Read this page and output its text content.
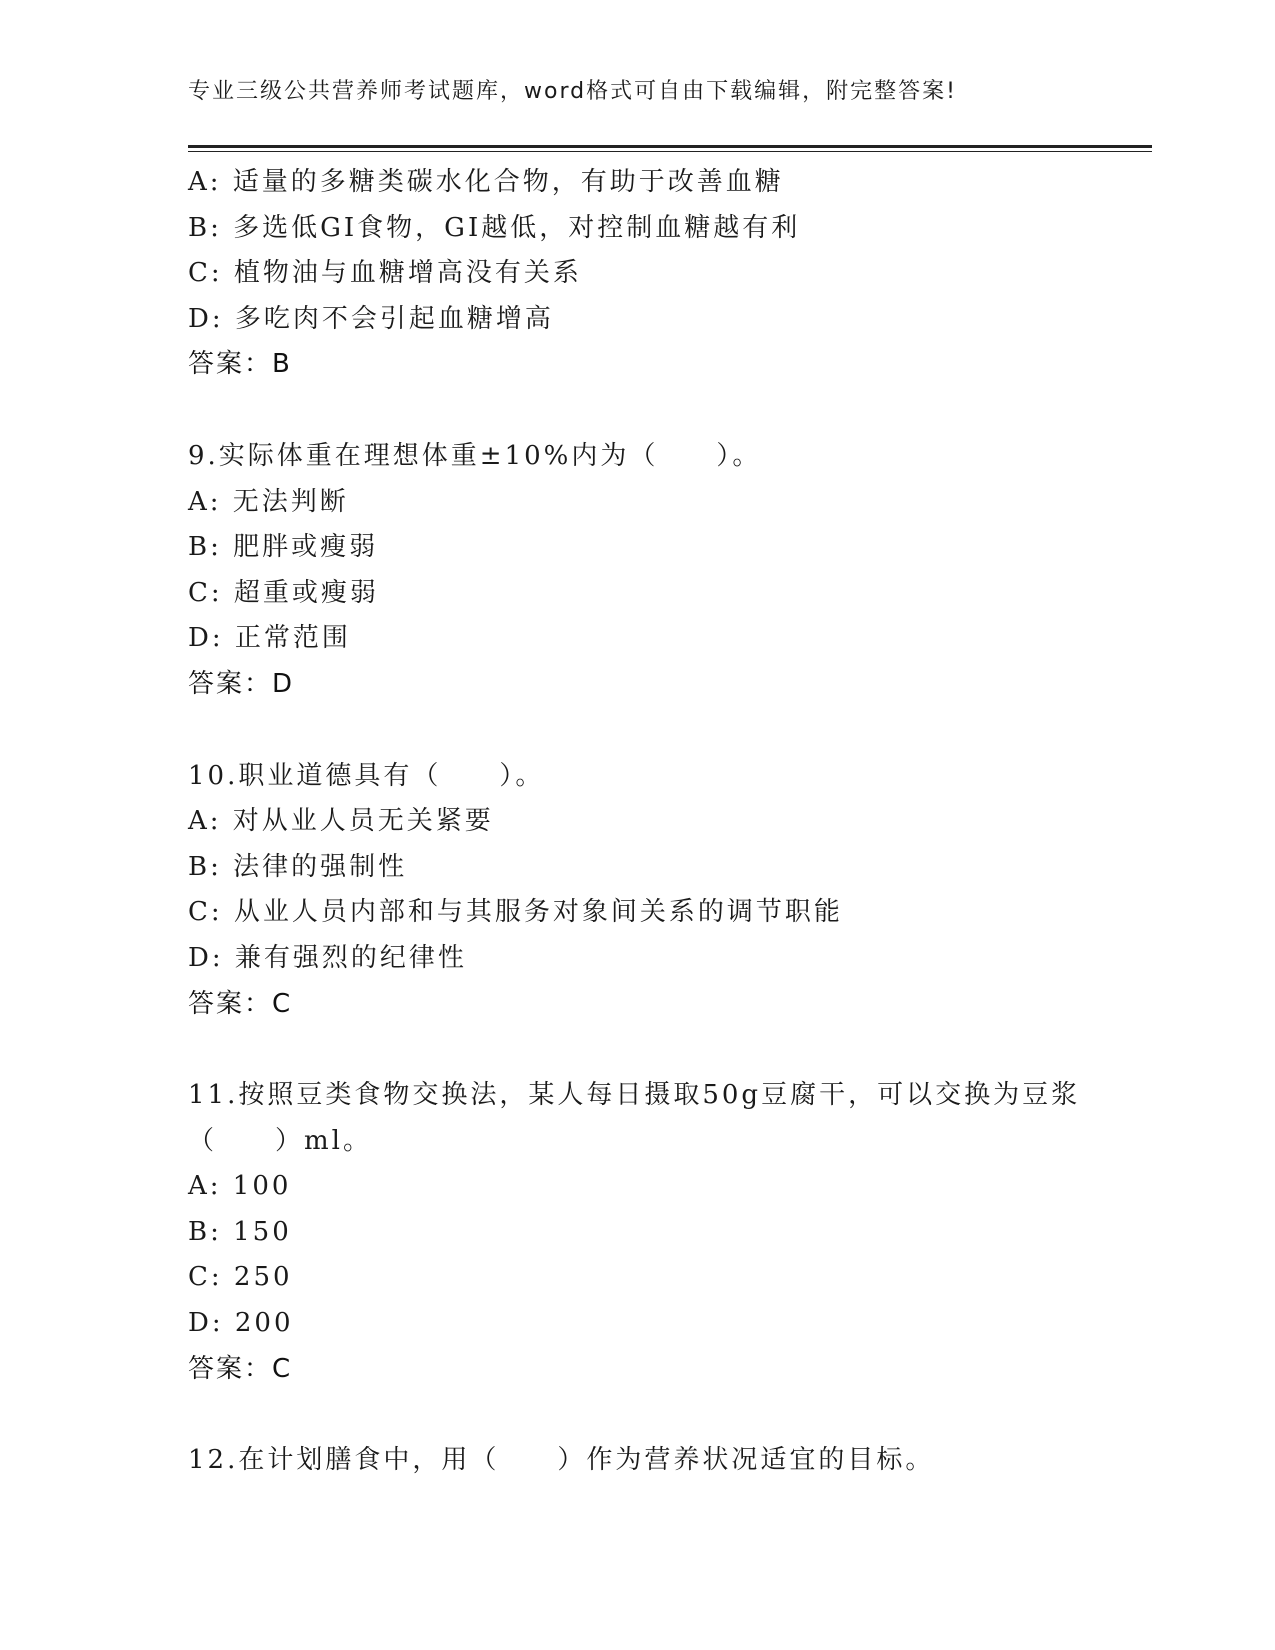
专业三级公共营养师考试题库，word格式可自由下载编辑，附完整答案!
A: 适量的多糖类碳水化合物，有助于改善血糖
B: 多选低GI食物，GI越低，对控制血糖越有利
C: 植物油与血糖增高没有关系
D: 多吃肉不会引起血糖增高
答案：B
9.实际体重在理想体重±10%内为（　　）。
A: 无法判断
B: 肥胖或瘦弱
C: 超重或瘦弱
D: 正常范围
答案：D
10.职业道德具有（　　）。
A: 对从业人员无关紧要
B: 法律的强制性
C: 从业人员内部和与其服务对象间关系的调节职能
D: 兼有强烈的纪律性
答案：C
11.按照豆类食物交换法，某人每日摄取50g豆腐干，可以交换为豆浆
（　　）ml。
A: 100
B: 150
C: 250
D: 200
答案：C
12.在计划膳食中，用（　　）作为营养状况适宜的目标。
